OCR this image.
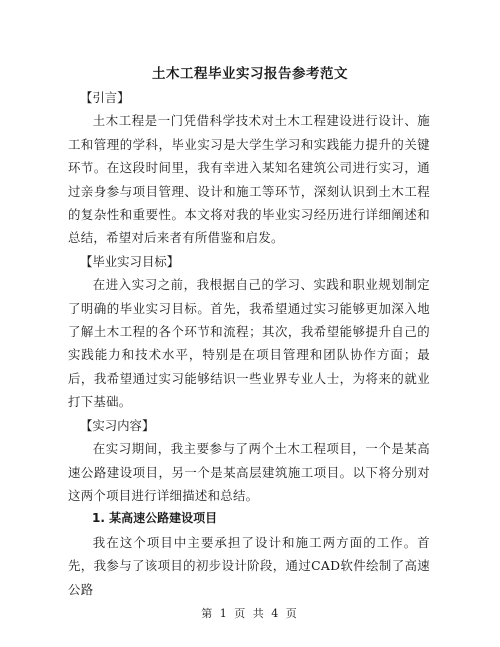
土木工程毕业实习报告参考范文

【引言】

土木工程是一门凭借科学技术对土木工程建设进行设计、施工和管理的学科，毕业实习是大学生学习和实践能力提升的关键环节。在这段时间里，我有幸进入某知名建筑公司进行实习，通过亲身参与项目管理、设计和施工等环节，深刻认识到土木工程的复杂性和重要性。本文将对我的毕业实习经历进行详细阐述和总结，希望对后来者有所借鉴和启发。

【毕业实习目标】

在进入实习之前，我根据自己的学习、实践和职业规划制定了明确的毕业实习目标。首先，我希望通过实习能够更加深入地了解土木工程的各个环节和流程；其次，我希望能够提升自己的实践能力和技术水平，特别是在项目管理和团队协作方面；最后，我希望通过实习能够结识一些业界专业人士，为将来的就业打下基础。

【实习内容】

在实习期间，我主要参与了两个土木工程项目，一个是某高速公路建设项目，另一个是某高层建筑施工项目。以下将分别对这两个项目进行详细描述和总结。

1. 某高速公路建设项目

我在这个项目中主要承担了设计和施工两方面的工作。首先，我参与了该项目的初步设计阶段，通过CAD软件绘制了高速公路

第 1 页 共 4 页
